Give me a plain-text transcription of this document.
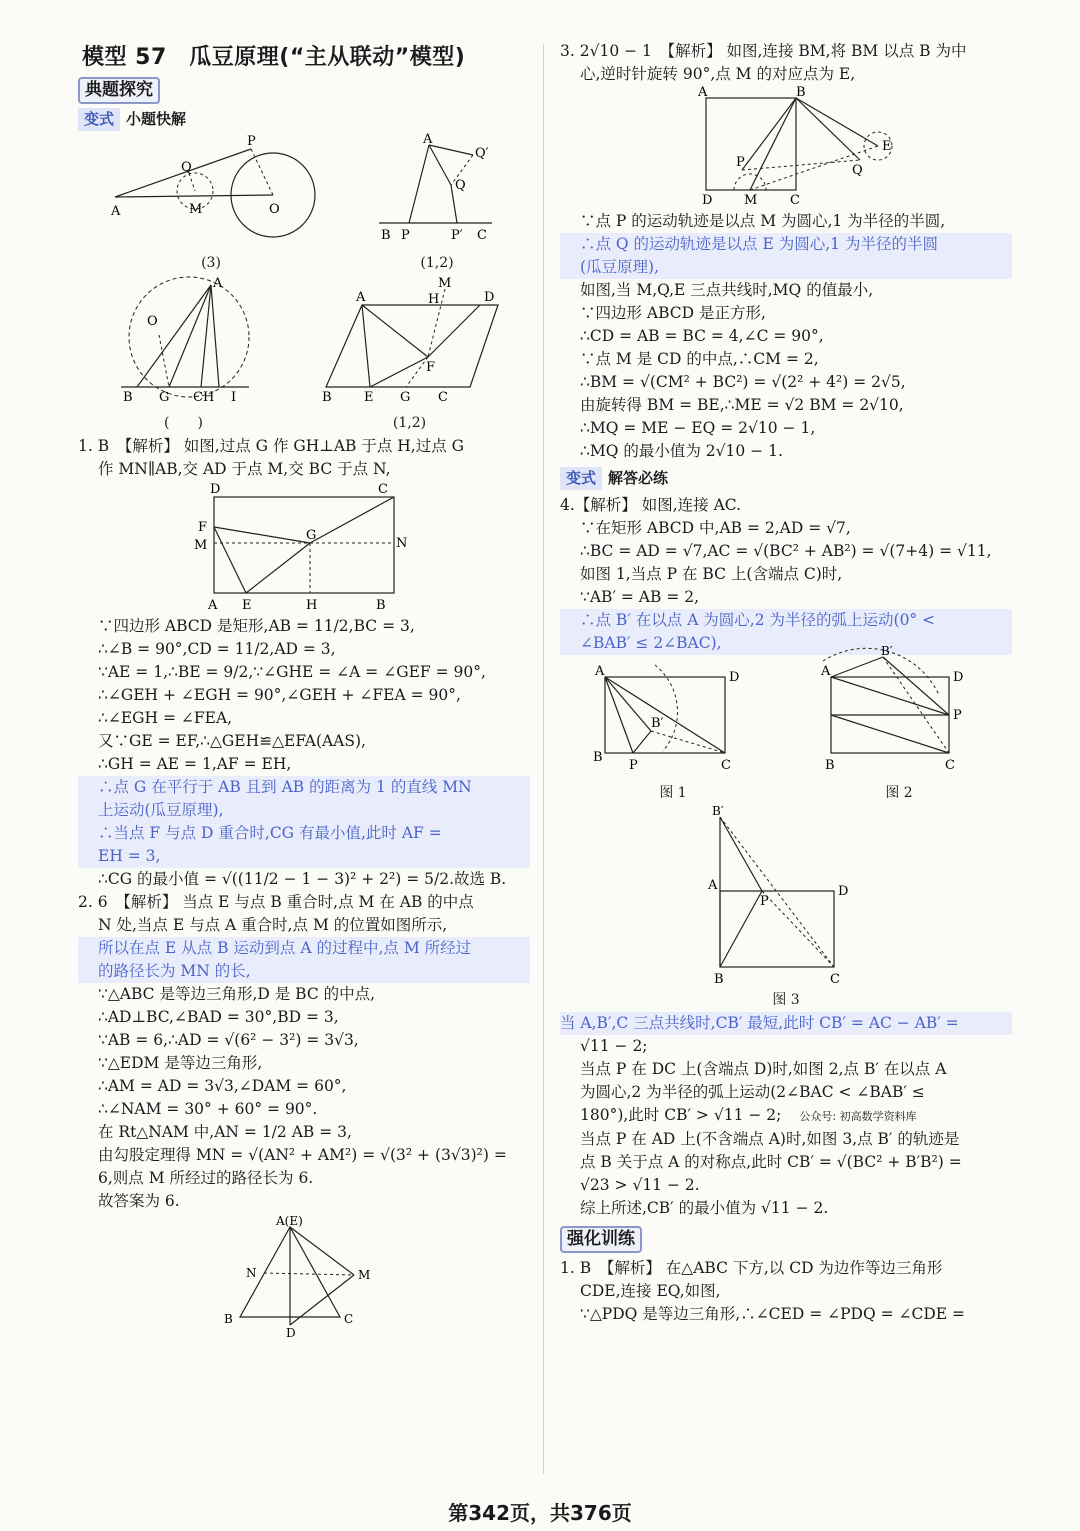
模型 57　瓜豆原理(“主从联动”模型)
典题探究
变式 小题快解
A
P
Q
M	O
(3)
A
Q′
Q
B P	P′ C
(1,2)
A
O
B G CH I
(　　)
A
M
H	D
F
B E G C
(1,2)
1. B　【解析】 如图,过点 G 作 GH⊥AB 于点 H,过点 G
作 MN∥AB,交 AD 于点 M,交 BC 于点 N,
D	C
F
M
G
N
A E	H	B
∵四边形 ABCD 是矩形,AB = 11/2,BC = 3,
∴∠B = 90°,CD = 11/2,AD = 3,
∵AE = 1,∴BE = 9/2,∵∠GHE = ∠A = ∠GEF = 90°,
∴∠GEH + ∠EGH = 90°,∠GEH + ∠FEA = 90°,
∴∠EGH = ∠FEA,
又∵GE = EF,∴△GEH≌△EFA(AAS),
∴GH = AE = 1,AF = EH,
∴点 G 在平行于 AB 且到 AB 的距离为 1 的直线 MN
上运动(瓜豆原理),
∴当点 F 与点 D 重合时,CG 有最小值,此时 AF =
EH = 3,
∴CG 的最小值 = √((11/2 − 1 − 3)² + 2²) = 5/2.故选 B.
2. 6　【解析】 当点 E 与点 B 重合时,点 M 在 AB 的中点
N 处,当点 E 与点 A 重合时,点 M 的位置如图所示,
所以在点 E 从点 B 运动到点 A 的过程中,点 M 所经过
的路径长为 MN 的长,
∵△ABC 是等边三角形,D 是 BC 的中点,
∴AD⊥BC,∠BAD = 30°,BD = 3,
∵AB = 6,∴AD = √(6² − 3²) = 3√3,
∵△EDM 是等边三角形,
∴AM = AD = 3√3,∠DAM = 60°,
∴∠NAM = 30° + 60° = 90°.
在 Rt△NAM 中,AN = 1/2 AB = 3,
由勾股定理得 MN = √(AN² + AM²) = √(3² + (3√3)²) =
6,则点 M 所经过的路径长为 6.
故答案为 6.
A(E)
N	M
B	C
D
3. 2√10 − 1　【解析】 如图,连接 BM,将 BM 以点 B 为中
心,逆时针旋转 90°,点 M 的对应点为 E,
A	B
P
E
Q
D M	C
∵点 P 的运动轨迹是以点 M 为圆心,1 为半径的半圆,
∴点 Q 的运动轨迹是以点 E 为圆心,1 为半径的半圆
(瓜豆原理),
如图,当 M,Q,E 三点共线时,MQ 的值最小,
∵四边形 ABCD 是正方形,
∴CD = AB = BC = 4,∠C = 90°,
∵点 M 是 CD 的中点,∴CM = 2,
∴BM = √(CM² + BC²) = √(2² + 4²) = 2√5,
由旋转得 BM = BE,∴ME = √2 BM = 2√10,
∴MQ = ME − EQ = 2√10 − 1,
∴MQ 的最小值为 2√10 − 1.
变式 解答必练
4.【解析】 如图,连接 AC.
∵在矩形 ABCD 中,AB = 2,AD = √7,
∴BC = AD = √7,AC = √(BC² + AB²) = √(7+4) = √11,
如图 1,当点 P 在 BC 上(含端点 C)时,
∵AB′ = AB = 2,
∴点 B′ 在以点 A 为圆心,2 为半径的弧上运动(0° <
∠BAB′ ≤ 2∠BAC),
A	D
B′
B
P	C
图 1
A
B′
D
P
B	C
图 2
B′
A
P
D
B	C
图 3
当 A,B′,C 三点共线时,CB′ 最短,此时 CB′ = AC − AB′ =
√11 − 2;
当点 P 在 DC 上(含端点 D)时,如图 2,点 B′ 在以点 A
为圆心,2 为半径的弧上运动(2∠BAC < ∠BAB′ ≤
180°),此时 CB′ > √11 − 2; 公众号: 初高数学资料库
当点 P 在 AD 上(不含端点 A)时,如图 3,点 B′ 的轨迹是
点 B 关于点 A 的对称点,此时 CB′ = √(BC² + B′B²) =
√23 > √11 − 2.
综上所述,CB′ 的最小值为 √11 − 2.
强化训练
1. B　【解析】 在△ABC 下方,以 CD 为边作等边三角形
CDE,连接 EQ,如图,
∵△PDQ 是等边三角形,∴∠CED = ∠PDQ = ∠CDE =
第342页，共376页
